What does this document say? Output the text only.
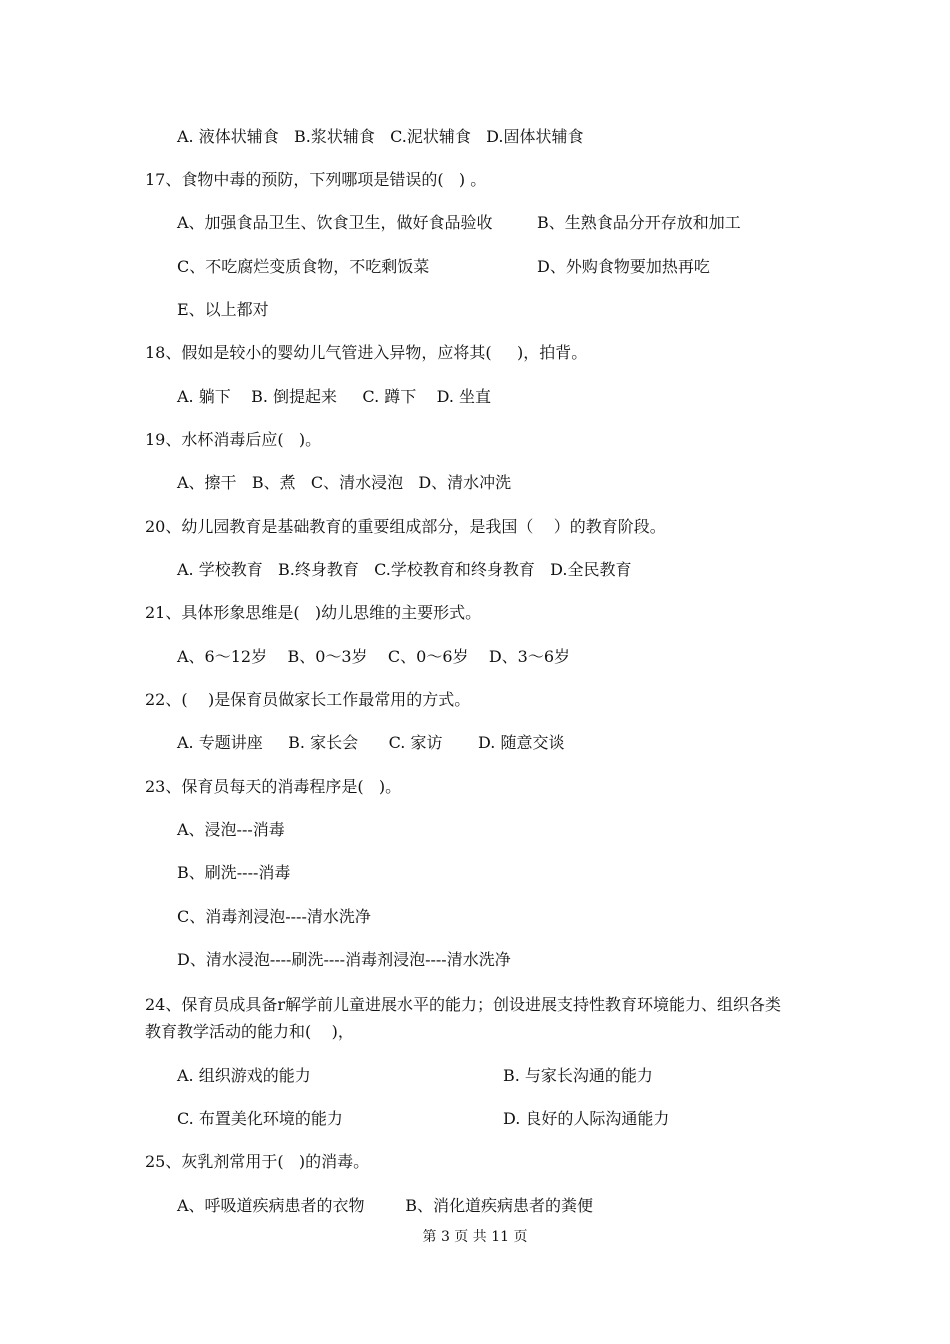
A. 液体状辅食   B.浆状辅食   C.泥状辅食   D.固体状辅食
17、食物中毒的预防，下列哪项是错误的(   ) 。
A、加强食品卫生、饮食卫生，做好食品验收	B、生熟食品分开存放和加工
C、不吃腐烂变质食物，不吃剩饭菜	D、外购食物要加热再吃
E、以上都对
18、假如是较小的婴幼儿气管进入异物，应将其(     )，拍背。
A. 躺下    B. 倒提起来     C. 蹲下    D. 坐直
19、水杯消毒后应(   )。
A、擦干   B、煮   C、清水浸泡   D、清水冲洗
20、幼儿园教育是基础教育的重要组成部分，是我国（    ）的教育阶段。
A. 学校教育   B.终身教育   C.学校教育和终身教育   D.全民教育
21、具体形象思维是(   )幼儿思维的主要形式。
A、6～12岁    B、0～3岁    C、0～6岁    D、3～6岁
22、(    )是保育员做家长工作最常用的方式。
A. 专题讲座     B. 家长会      C. 家访       D. 随意交谈
23、保育员每天的消毒程序是(   )。
A、浸泡---消毒
B、刷洗----消毒
C、消毒剂浸泡----清水洗净
D、清水浸泡----刷洗----消毒剂浸泡----清水洗净
24、保育员成具备r解学前儿童进展水平的能力；创设进展支持性教育环境能力、组织各类
教育教学活动的能力和(    )，
A. 组织游戏的能力	B. 与家长沟通的能力
C. 布置美化环境的能力	D. 良好的人际沟通能力
25、灰乳剂常用于(   )的消毒。
A、呼吸道疾病患者的衣物        B、消化道疾病患者的粪便
第 3 页 共 11 页
